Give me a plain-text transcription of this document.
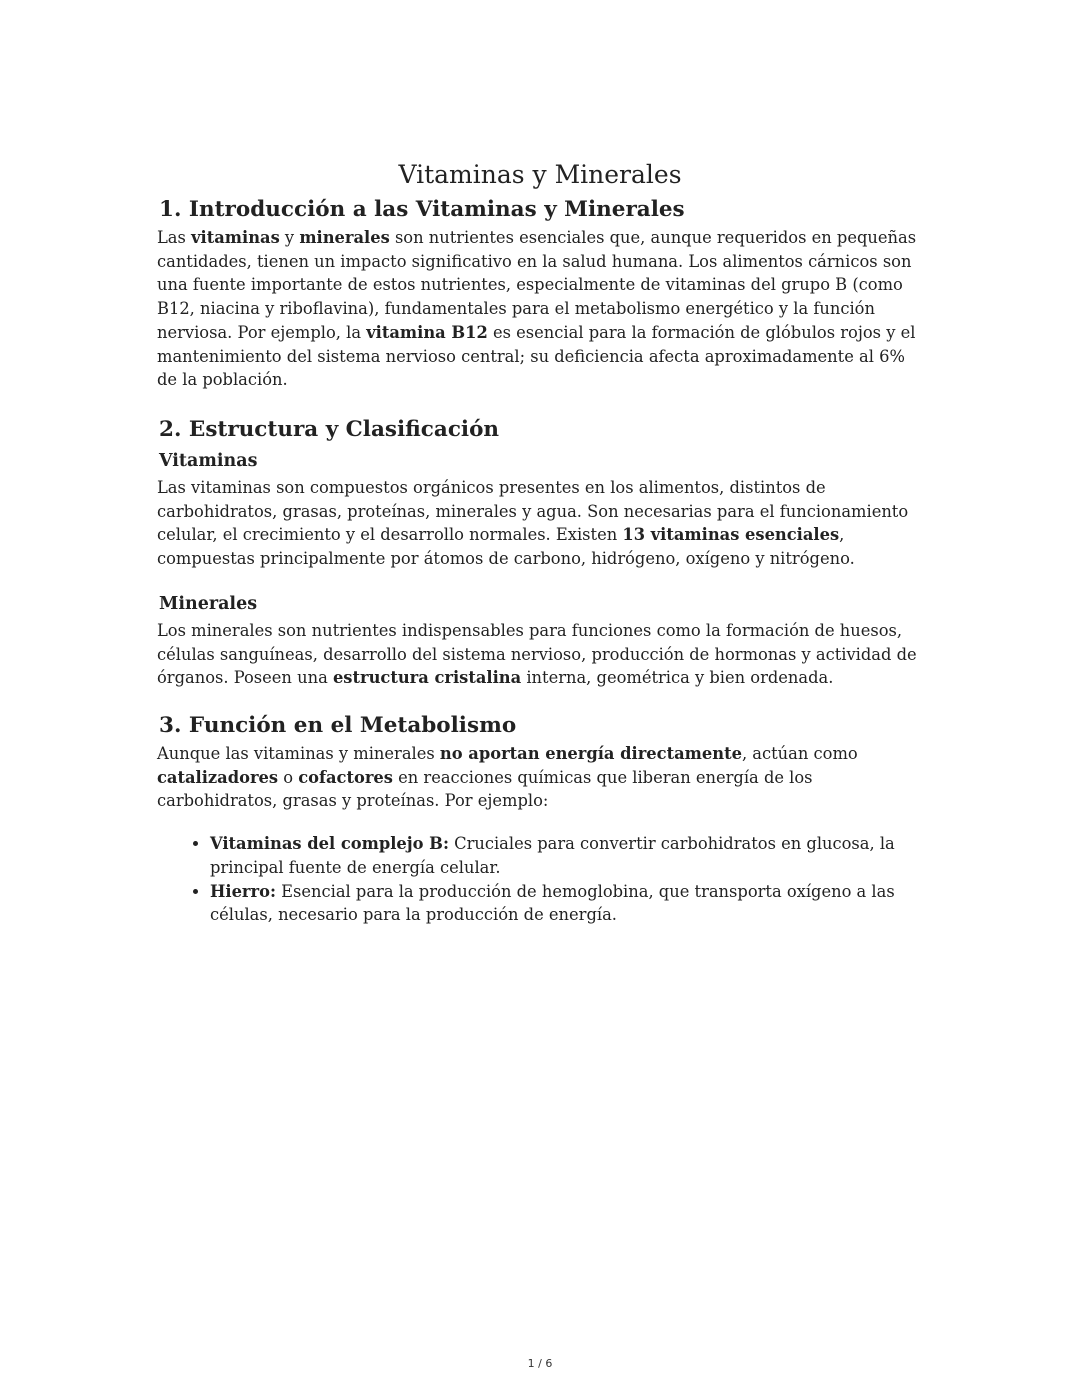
Vitaminas y Minerales
1. Introducción a las Vitaminas y Minerales

Las vitaminas y minerales son nutrientes esenciales que, aunque requeridos en pequeñas cantidades, tienen un impacto significativo en la salud humana. Los alimentos cárnicos son una fuente importante de estos nutrientes, especialmente de vitaminas del grupo B (como B12, niacina y riboflavina), fundamentales para el metabolismo energético y la función nerviosa. Por ejemplo, la vitamina B12 es esencial para la formación de glóbulos rojos y el mantenimiento del sistema nervioso central; su deficiencia afecta aproximadamente al 6% de la población.

2. Estructura y Clasificación
Vitaminas

Las vitaminas son compuestos orgánicos presentes en los alimentos, distintos de carbohidratos, grasas, proteínas, minerales y agua. Son necesarias para el funcionamiento celular, el crecimiento y el desarrollo normales. Existen 13 vitaminas esenciales, compuestas principalmente por átomos de carbono, hidrógeno, oxígeno y nitrógeno.

Minerales

Los minerales son nutrientes indispensables para funciones como la formación de huesos, células sanguíneas, desarrollo del sistema nervioso, producción de hormonas y actividad de órganos. Poseen una estructura cristalina interna, geométrica y bien ordenada.

3. Función en el Metabolismo

Aunque las vitaminas y minerales no aportan energía directamente, actúan como catalizadores o cofactores en reacciones químicas que liberan energía de los carbohidratos, grasas y proteínas. Por ejemplo:

• Vitaminas del complejo B: Cruciales para convertir carbohidratos en glucosa, la principal fuente de energía celular.
• Hierro: Esencial para la producción de hemoglobina, que transporta oxígeno a las células, necesario para la producción de energía.
1 / 6
